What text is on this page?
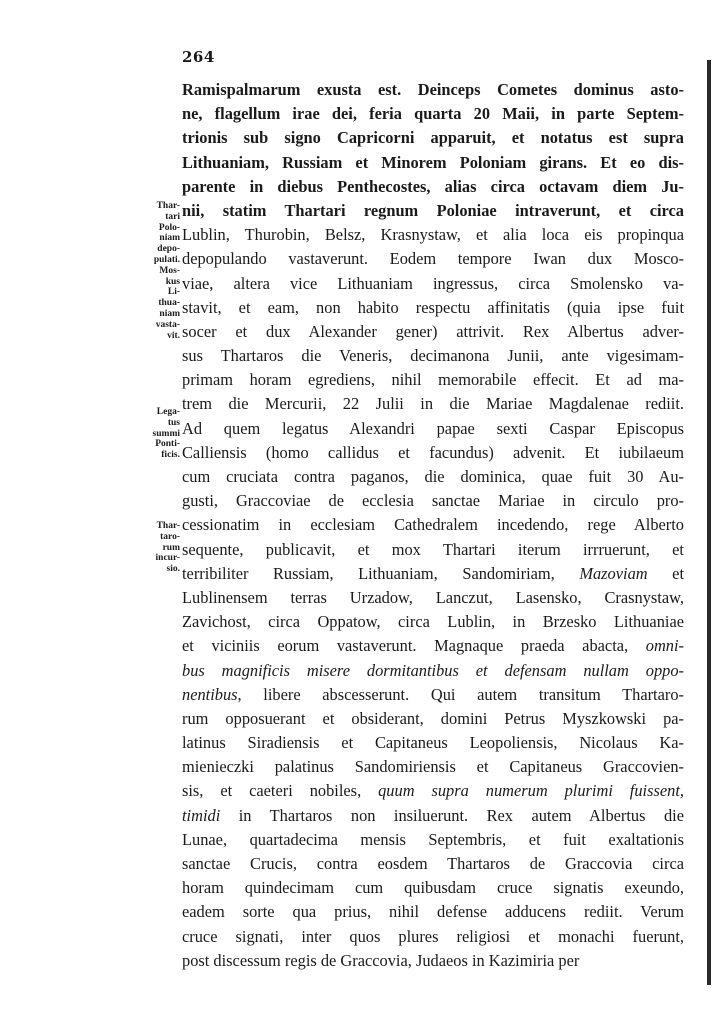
264
Ramispalmarum exusta est. Deinceps Cometes dominus asto-
ne, flagellum irae dei, feria quarta 20 Maii, in parte Septem-
trionis sub signo Capricorni apparuit, et notatus est supra
Lithuaniam, Russiam et Minorem Poloniam girans. Et eo dis-
parente in diebus Penthecostes, alias circa octavam diem Ju-
nii, statim Thartari regnum Poloniae intraverunt, et circa
Lublin, Thurobin, Belsz, Krasnystaw, et alia loca eis propinqua
depopulando vastaverunt. Eodem tempore Iwan dux Mosco-
viae, altera vice Lithuaniam ingressus, circa Smolensko va-
stavit, et eam, non habito respectu affinitatis (quia ipse fuit
socer et dux Alexander gener) attrivit. Rex Albertus adver-
sus Thartaros die Veneris, decimanona Junii, ante vigesimam-
primam horam egrediens, nihil memorabile effecit. Et ad ma-
trem die Mercurii, 22 Julii in die Mariae Magdalenae rediit.
Ad quem legatus Alexandri papae sexti Caspar Episcopus
Calliensis (homo callidus et facundus) advenit. Et iubilaeum
cum cruciata contra paganos, die dominica, quae fuit 30 Au-
gusti, Graccoviae de ecclesia sanctae Mariae in circulo pro-
cessionatim in ecclesiam Cathedralem incedendo, rege Alberto
sequente, publicavit, et mox Thartari iterum irrruerunt, et
terribiliter Russiam, Lithuaniam, Sandomiriam, Mazoviam et
Lublinensem terras Urzadow, Lanczut, Lasensko, Crasnystaw,
Zavichost, circa Oppatow, circa Lublin, in Brzesko Lithuaniae
et viciniis eorum vastaverunt. Magnaque praeda abacta, omni-
bus magnificis misere dormitantibus et defensam nullam oppo-
nentibus, libere abscesserunt. Qui autem transitum Thartaro-
rum opposuerant et obsiderant, domini Petrus Myszkowski pa-
latinus Siradiensis et Capitaneus Leopoliensis, Nicolaus Ka-
mienieczki palatinus Sandomiriensis et Capitaneus Graccovien-
sis, et caeteri nobiles, quum supra numerum plurimi fuissent,
timidi in Thartaros non insiluerunt. Rex autem Albertus die
Lunae, quartadecima mensis Septembris, et fuit exaltationis
sanctae Crucis, contra eosdem Thartaros de Graccovia circa
horam quindecimam cum quibusdam cruce signatis exeundo,
eadem sorte qua prius, nihil defense adducens rediit. Verum
cruce signati, inter quos plures religiosi et monachi fuerunt,
post discessum regis de Graccovia, Judaeos in Kazimiria per
Thar-
tari
Polo-
niam
depo-
pulati.
Mos-
kus
Li-
thua-
niam
vasta-
vit.
Lega-
tus
summi
Ponti-
ficis.
Thar-
taro-
rum
incur-
sio.
